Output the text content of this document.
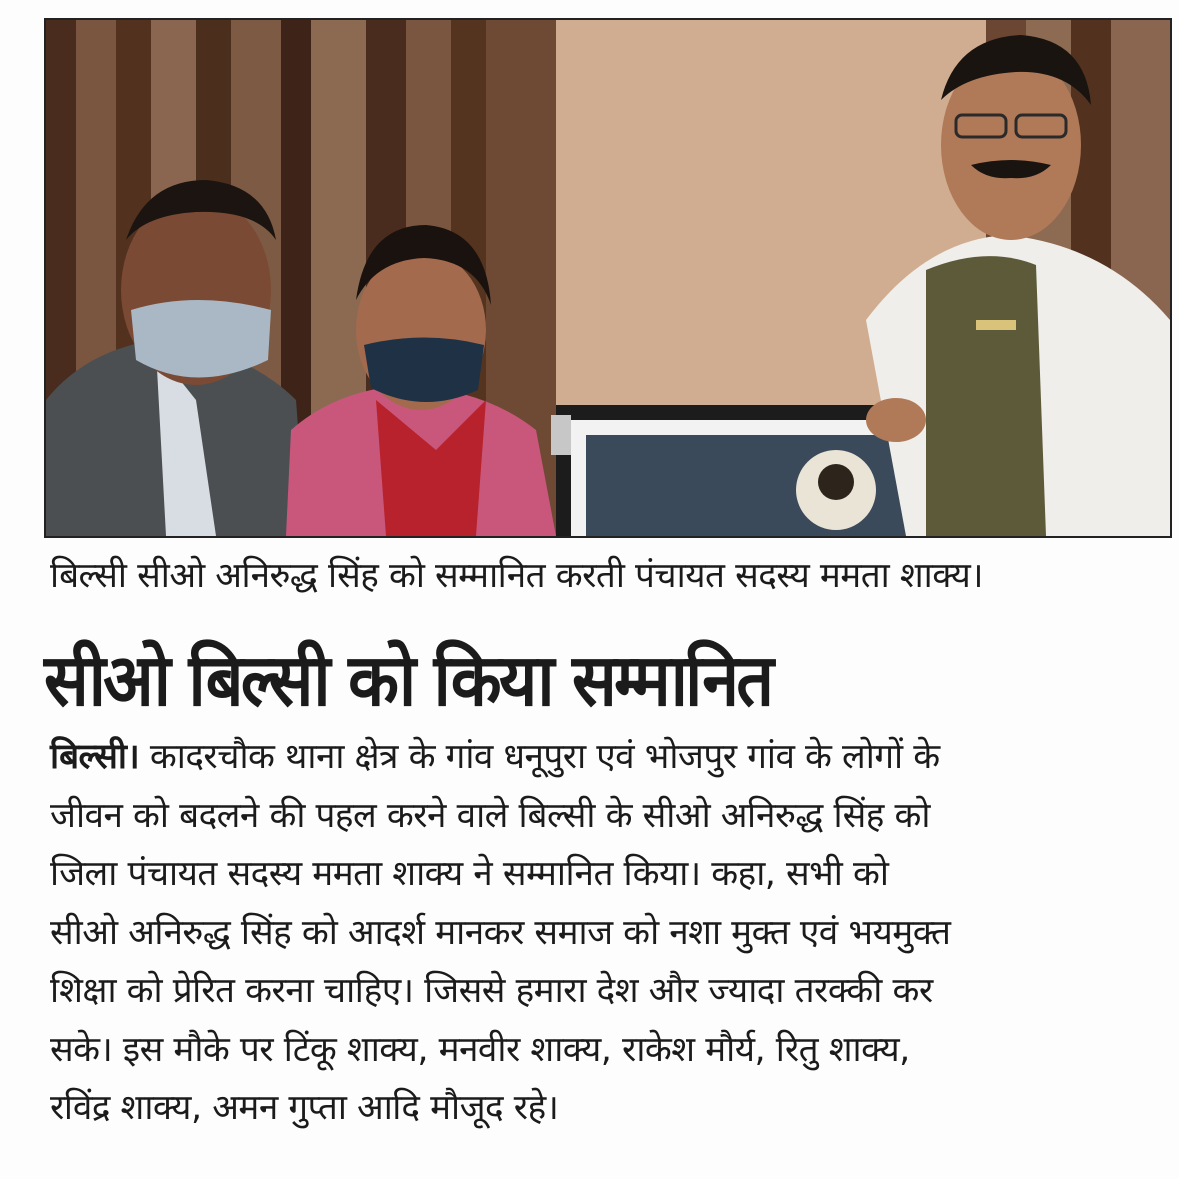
बिल्सी सीओ अनिरुद्ध सिंह को सम्मानित करती पंचायत सदस्य ममता शाक्य।
सीओ बिल्सी को किया सम्मानित
बिल्सी। कादरचौक थाना क्षेत्र के गांव धनूपुरा एवं भोजपुर गांव के लोगों के
जीवन को बदलने की पहल करने वाले बिल्सी के सीओ अनिरुद्ध सिंह को
जिला पंचायत सदस्य ममता शाक्य ने सम्मानित किया। कहा, सभी को
सीओ अनिरुद्ध सिंह को आदर्श मानकर समाज को नशा मुक्त एवं भयमुक्त
शिक्षा को प्रेरित करना चाहिए। जिससे हमारा देश और ज्यादा तरक्की कर
सके। इस मौके पर टिंकू शाक्य, मनवीर शाक्य, राकेश मौर्य, रितु शाक्य,
रविंद्र शाक्य, अमन गुप्ता आदि मौजूद रहे।
